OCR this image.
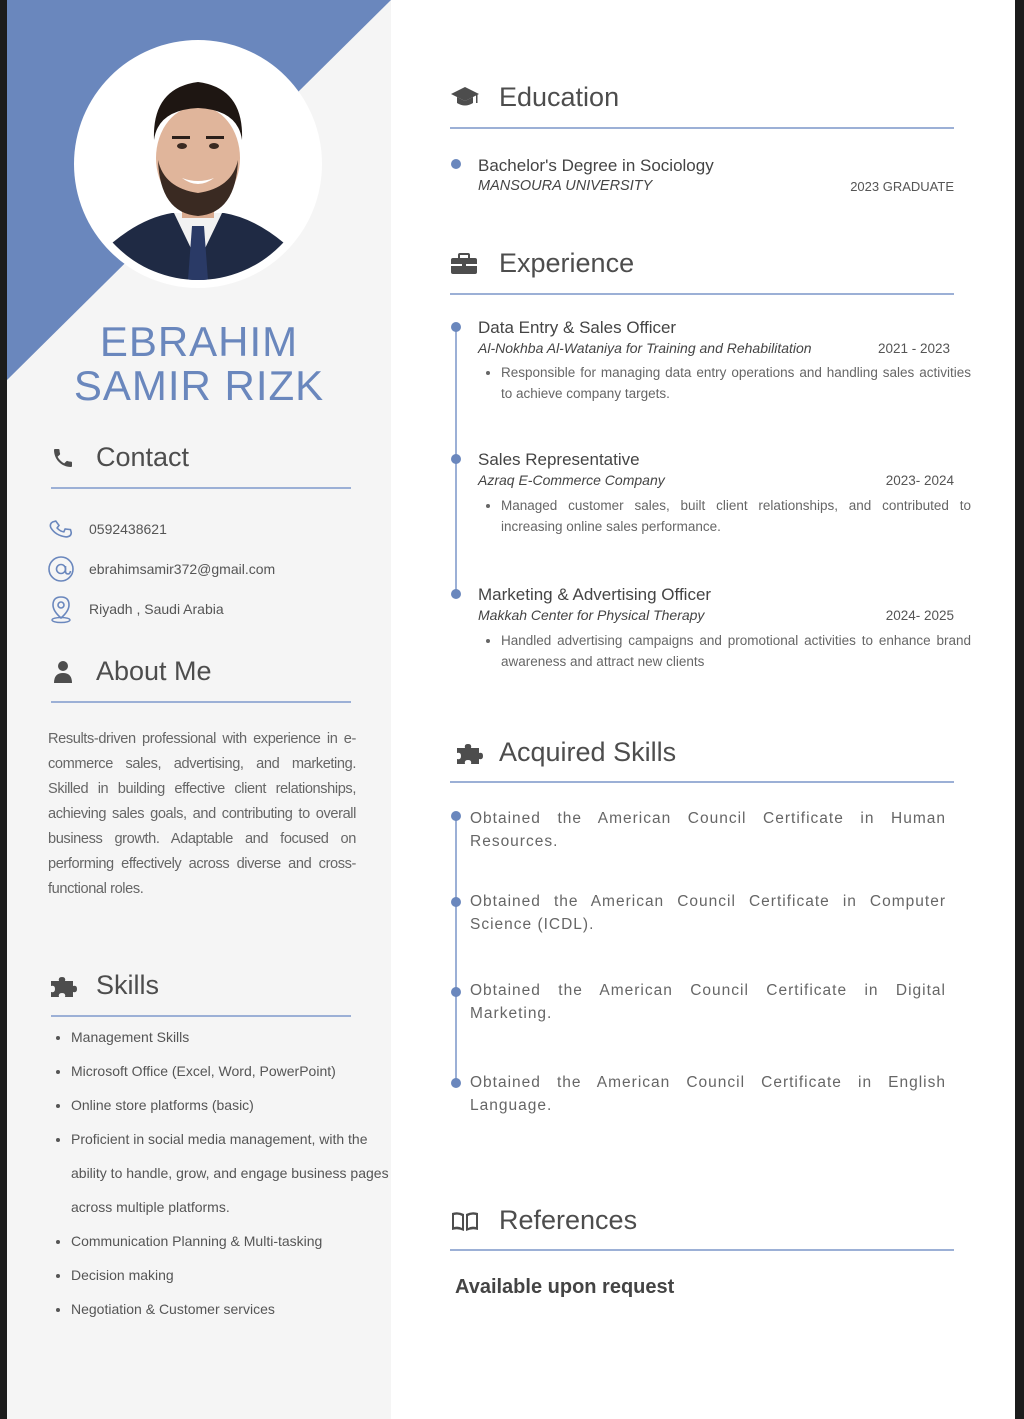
EBRAHIM
SAMIR RIZK
Contact
0592438621
ebrahimsamir372@gmail.com
Riyadh , Saudi Arabia
About Me
Results-driven professional with experience in e-commerce sales, advertising, and marketing. Skilled in building effective client relationships, achieving sales goals, and contributing to overall business growth. Adaptable and focused on performing effectively across diverse and cross-functional roles.
Skills
• Management Skills
• Microsoft Office (Excel, Word, PowerPoint)
• Online store platforms (basic)
• Proficient in social media management, with the ability to handle, grow, and engage business pages across multiple platforms.
• Communication Planning & Multi-tasking
• Decision making
• Negotiation & Customer services
Education
Bachelor's Degree in Sociology
MANSOURA UNIVERSITY	2023 GRADUATE
Experience
Data Entry & Sales Officer
Al-Nokhba Al-Wataniya for Training and Rehabilitation	2021 - 2023
• Responsible for managing data entry operations and handling sales activities to achieve company targets.
Sales Representative
Azraq E-Commerce Company	2023- 2024
• Managed customer sales, built client relationships, and contributed to increasing online sales performance.
Marketing & Advertising Officer
Makkah Center for Physical Therapy	2024- 2025
• Handled advertising campaigns and promotional activities to enhance brand awareness and attract new clients
Acquired Skills
Obtained the American Council Certificate in Human Resources.
Obtained the American Council Certificate in Computer Science (ICDL).
Obtained the American Council Certificate in Digital Marketing.
Obtained the American Council Certificate in English Language.
References
Available upon request
